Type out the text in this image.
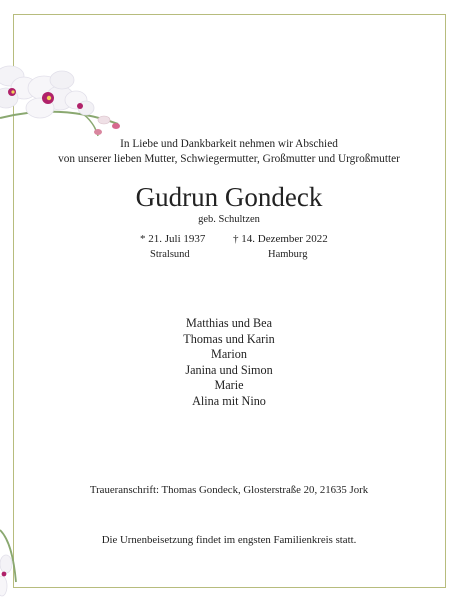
In Liebe und Dankbarkeit nehmen wir Abschied
von unserer lieben Mutter, Schwiegermutter, Großmutter und Urgroßmutter
Gudrun Gondeck
geb. Schultzen
* 21. Juli 1937	† 14. Dezember 2022
Stralsund	Hamburg
Matthias und Bea
Thomas und Karin
Marion
Janina und Simon
Marie
Alina mit Nino
Traueranschrift: Thomas Gondeck, Glosterstraße 20, 21635 Jork
Die Urnenbeisetzung findet im engsten Familienkreis statt.
